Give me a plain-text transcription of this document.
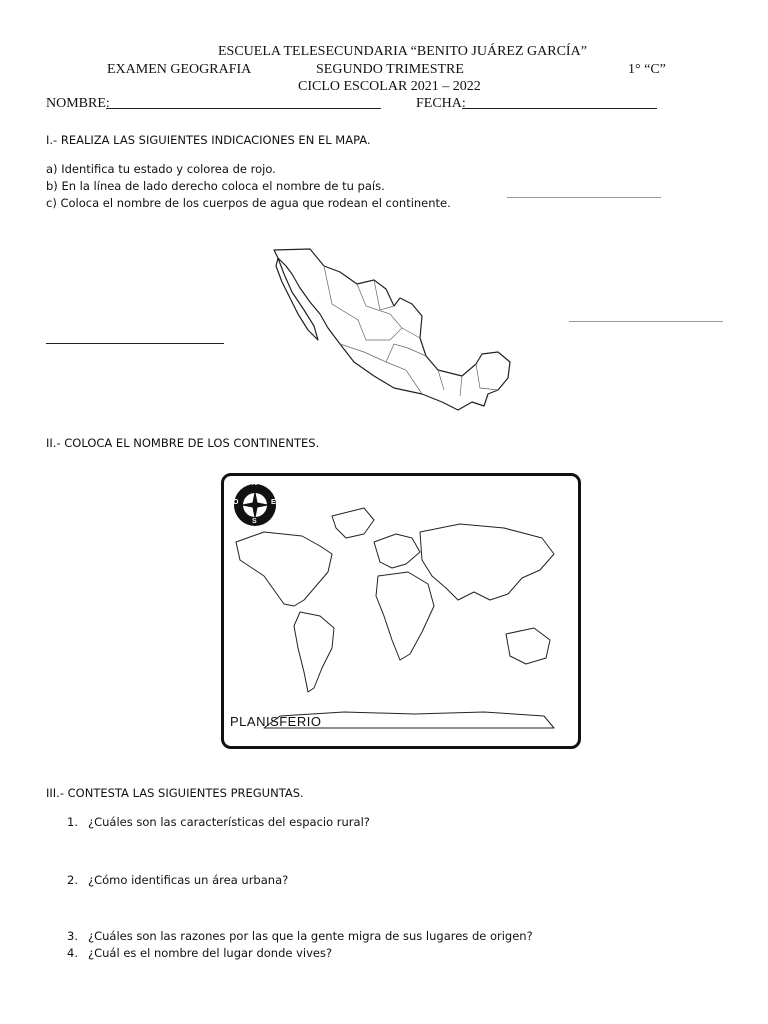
ESCUELA TELESECUNDARIA “BENITO JUÁREZ GARCÍA”
EXAMEN GEOGRAFIA	SEGUNDO TRIMESTRE	1° “C”
CICLO ESCOLAR 2021 – 2022
NOMBRE:	FECHA:
I.- REALIZA LAS SIGUIENTES INDICACIONES EN EL MAPA.
a) Identifica tu estado y colorea de rojo.
b) En la línea de lado derecho coloca el nombre de tu país.
c) Coloca el nombre de los cuerpos de agua que rodean el continente.
II.- COLOCA EL NOMBRE DE LOS CONTINENTES.
N
S
E
O
PLANISFERIO
III.- CONTESTA LAS SIGUIENTES PREGUNTAS.
1. ¿Cuáles son las características del espacio rural?
2. ¿Cómo identificas un área urbana?
3. ¿Cuáles son las razones por las que la gente migra de sus lugares de origen?
4. ¿Cuál es el nombre del lugar donde vives?
